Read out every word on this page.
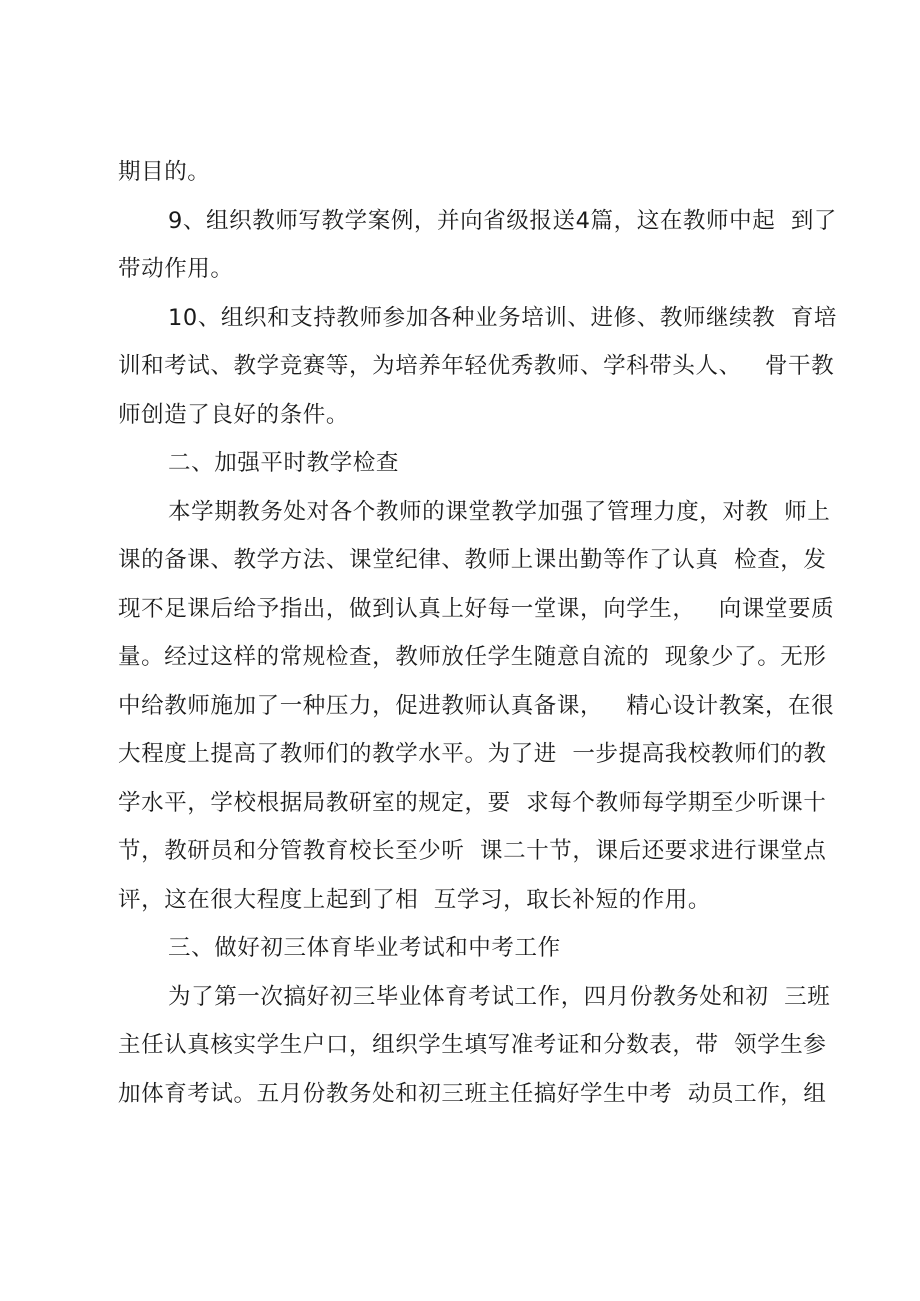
期目的。
9、组织教师写教学案例，并向省级报送4篇，这在教师中起  到了
带动作用。
10、组织和支持教师参加各种业务培训、进修、教师继续教  育培
训和考试、教学竞赛等，为培养年轻优秀教师、学科带头人、   骨干教
师创造了良好的条件。
二、加强平时教学检查
本学期教务处对各个教师的课堂教学加强了管理力度，对教  师上
课的备课、教学方法、课堂纪律、教师上课出勤等作了认真  检查，发
现不足课后给予指出，做到认真上好每一堂课，向学生，   向课堂要质
量。经过这样的常规检查，教师放任学生随意自流的  现象少了。无形
中给教师施加了一种压力，促进教师认真备课，   精心设计教案，在很
大程度上提高了教师们的教学水平。为了进  一步提高我校教师们的教
学水平，学校根据局教研室的规定，要  求每个教师每学期至少听课十
节，教研员和分管教育校长至少听  课二十节，课后还要求进行课堂点
评，这在很大程度上起到了相  互学习，取长补短的作用。
三、做好初三体育毕业考试和中考工作
为了第一次搞好初三毕业体育考试工作，四月份教务处和初  三班
主任认真核实学生户口，组织学生填写准考证和分数表，带  领学生参
加体育考试。五月份教务处和初三班主任搞好学生中考  动员工作，组
